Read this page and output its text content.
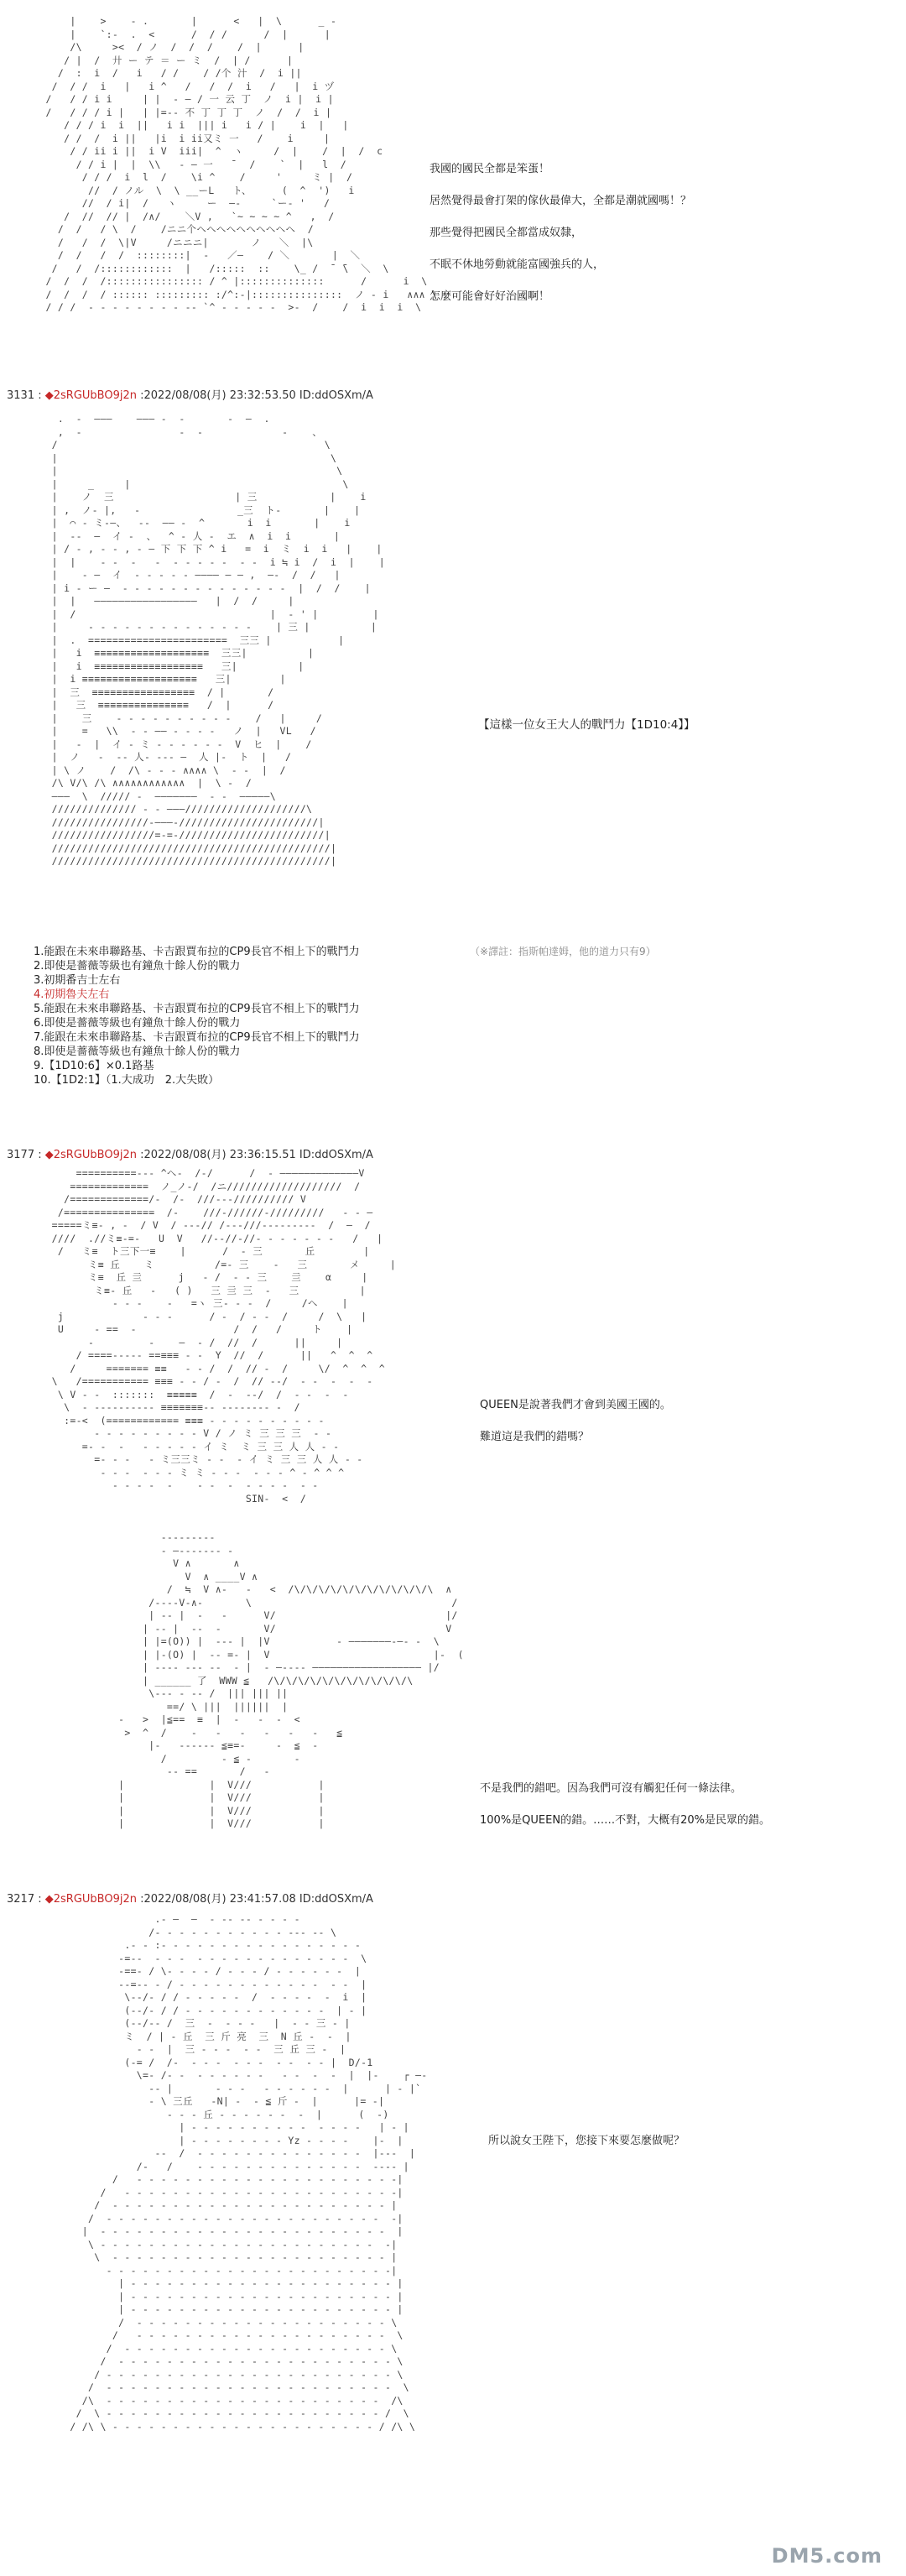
|    >    ‐ .       |      <   |  \      _ ‐
|    `:‐  .  <      /  / /      /  |      |
/\     ><  / ノ  /  /  /    /  |      |
/ |  /  廾 ー テ ＝ ー ミ  /  | /      |
/  :  i  /   i   / /    / /个 汁  /  i ||
/  / /  i   |   i ^   /   /  /  i   /   |  i ヅ
/   / / i i     | |  ‐ ― / 一 云 丁  ノ  i |  i |
/   / / / i |   | |=‐‐ 不 丁 丁 丁  ノ  /  /  i |
/ / / i  i  ||   i i  ||| i   i / |    i  |   |
/ /  /  i ||   |i  i ii又ミ 一   /    i     |
/ / ii i ||  i V  iii|  ^  ヽ     /  |    /  |  /  c
/ / i |  |  \\   ‐ ― 一   ̄   /    `  |   l  /
/ / /  i  l  /    \i ^    /     '     ミ |  /
//  / ノル  \  \ __ーL   ト、     (  ^  ')   i
//  / i|  /   ヽ     ー  ―‐     `ー‐ '   /
/  //  // |  /∧/    ＼V ,   `~ ~ ~ ~ ^   ,  /
/  /   / \  /    /ニニ个へへへへへへへへへへ  /
/   /  /  \|V     /ニニニ|       ノ   ＼  |\
/  /   /  /  ::::::::|  ‐   ／―    / ＼       |  ＼
/   /  /::::::::::::  |   /:::::  ::    \_ /  ̄  ̄\  ＼  \
/  /  /  /:::::::::::::::: / ^ |::::::::::::::      /      i  \
/  /  /  / :::::: ::::::::: :/^:‐|:::::::::::::::  ノ ‐ i   ∧∧∧ \
/ / /  ‐ ‐ ‐ ‐ ‐ ‐ ‐ ‐ ‐‐ `^ ‐ ‐ ‐ ‐ ‐  >‐  /    /  i  i  i  \
我國的國民全都是笨蛋！
居然覺得最會打架的傢伙最偉大，全都是潮就國嗎！？
那些覺得把國民全都當成奴隸，
不眠不休地勞動就能富國強兵的人，
怎麼可能會好好治國啊！
3131 : ◆2sRGUbBO9j2n :2022/08/08(月) 23:32:53.50 ID:ddOSXm/A
.  ‐  ―――    ――― ‐  ‐       ‐  ―  .
,  ‐                ‐  ‐             ‐    、
/                                            \
|                                             \
|                                              \
|     _     |                                   \
|    ノ  三                    | 三            |    i
| ,  ノ‐ |,   ‐                _三  ト‐       |    |
|  ⌒ ‐ ミ-―、  ‐‐  ―― ‐  ^       i  i       |    i
|  ‐‐  ―  イ ‐  、  ^ ‐ 人 ‐  エ  ∧  i  i       |
| / ‐ , ‐ ‐ , ‐ ― 下 下 下 ^ i   =  i  ミ  i  i   |    |
|  |    ‐ ‐  ‐   ‐  ‐ ‐ ‐ ‐ ‐  ‐ ‐  i ≒ i  /  i  |    |
|    ‐ ―  イ  ‐ ‐ ‐ ‐ ‐ ―――― ― ― ,  ―‐  /  /   |
| i ‐ ー ―  ‐ ‐ ‐ ‐ ‐ ‐ ‐ ‐ ‐ ‐ ‐ ‐ ‐ ‐  |  /  /    |
|  |   ―――――――――――――――――   |  /  /     |
|  /                                |  ‐ ' |         |
|     ‐ ‐ ‐ ‐ ‐ ‐ ‐ ‐ ‐ ‐ ‐ ‐ ‐ ‐    | 三 |          |
|  .  =======================  三三 |           |
|   i  ≡≡≡≡≡≡≡≡≡≡≡≡≡≡≡≡≡≡≡  三三|          |
|   i  ≡≡≡≡≡≡≡≡≡≡≡≡≡≡≡≡≡≡   三|          |
|  i ≡≡≡≡≡≡≡≡≡≡≡≡≡≡≡≡≡≡≡   三|        |
|  三  ≡≡≡≡≡≡≡≡≡≡≡≡≡≡≡≡≡  / |       /
|   三  ≡≡≡≡≡≡≡≡≡≡≡≡≡≡≡   /  |      /
|    三    ‐ ‐ ‐ ‐ ‐ ‐ ‐ ‐ ‐ ‐    /   |     /
|    =   \\  ‐ ‐ ―― ‐ ‐ ‐ ‐   ノ  |   VL   /
|   ‐  |  イ ‐ ミ ‐ ‐ ‐ ‐ ‐ ‐  V  ヒ  |    /
|  ノ   ‐  ‐‐ 人‐ ‐‐‐ ―  人 |‐  ト  |   /
| \ ノ    /  /\ ‐ ‐ ‐ ∧∧∧∧ \  ‐ ‐  |  /
/\ V/\ /\ ∧∧∧∧∧∧∧∧∧∧∧∧  |  \ ‐  /
―――  \  ///// ‐  ―――――――  ‐ ‐  ―――――\
////////////// ‐ ‐ ―――////////////////////\
////////////////‐―――‐///////////////////////|
/////////////////=‐=‐////////////////////////|
//////////////////////////////////////////////|
//////////////////////////////////////////////|
【這樣一位女王大人的戰鬥力【1D10:4】】
1.能跟在未來串聯路基、卡吉跟賈布拉的CP9長官不相上下的戰鬥力
2.即使是薔薇等級也有鐘魚十餘人份的戰力
3.初期番吉士左右
4.初期魯夫左右
5.能跟在未來串聯路基、卡吉跟賈布拉的CP9長官不相上下的戰鬥力
6.即使是薔薇等級也有鐘魚十餘人份的戰力
7.能跟在未來串聯路基、卡吉跟賈布拉的CP9長官不相上下的戰鬥力
8.即使是薔薇等級也有鐘魚十餘人份的戰力
9.【1D10:6】×0.1路基
10.【1D2:1】（1.大成功　2.大失敗）
（※譯註：指斯帕達姆，他的道力只有9）
3177 : ◆2sRGUbBO9j2n :2022/08/08(月) 23:36:15.51 ID:ddOSXm/A
==========‐‐‐ ^へ‐  /‐/      /  ‐ ―――――――――――――V
=============  ノ_ノ‐/  /ニ///////////////////  /
/=============/‐  /‐  ///‐‐‐////////// V
/===============  /‐    ///‐//////‐/////////   ‐ ‐ ―
=====ミ≡‐ , ‐  / V  / ‐‐‐// /‐‐‐///‐‐‐‐‐‐‐‐‐  /  ―  /
////  .//ミ≡‐=‐   U  V   //‐‐//‐//‐ ‐ ‐ ‐ ‐ ‐ ‐   /   |
/   ミ≡  ト三下一≡    |      /  ‐ 三       丘        |
ミ≡ 丘    ミ          /=‐ 三    ‐   三       メ     |
ミ≡  丘 亖      j   ‐ /  ‐ ‐ 三    亖    α     |
ミ≡‐ 丘   ‐   ( )   三 亖 三  ‐   三          |
‐ ‐ ‐    ‐   =ヽ 三‐ ‐ ‐  /     /へ    |
j             ‐ ‐ ‐      / ‐  / ‐ ‐  /     /  \   |
U     ‐ ==  ‐                /  /   /     ト    |
‐         ‐    ―  ‐ /  //  /      ||     |
/ ====‐‐‐‐‐ ==≡≡≡ ‐ ‐  Y  //  /      ||   ^  ^  ^
/     ======= ≡≡   ‐ ‐ /  /  // ‐  /     \/  ^  ^  ^
\   /=========== ≡≡≡ ‐ ‐ / ‐  /  // ‐‐/  ‐ ‐  ‐  ‐  ‐
\ V ‐ ‐  :::::::  ≡≡≡≡≡  /  ‐  ‐‐/  /  ‐ ‐  ‐  ‐
\  ‐ ‐‐‐‐‐‐‐‐‐‐ ≡≡≡≡≡≡≡‐‐ ‐‐‐‐‐‐‐‐ ‐  /
:=‐<  (============ ≡≡≡ ‐ ‐ ‐ ‐ ‐ ‐ ‐ ‐ ‐ ‐
‐ ‐ ‐ ‐ ‐ ‐ ‐ ‐ ‐ V / ノ ミ 三 三 三  ‐ ‐
=‐ ‐  ‐   ‐ ‐ ‐ ‐ ‐ イ ミ  ミ 三 三 人 人 ‐ ‐
=‐ ‐ ‐   ‐ ミ三三ミ ‐ ‐  ‐ イ ミ 三 三 人 人 ‐ ‐
‐ ‐ ‐  ‐ ‐ ‐ ミ ミ ‐ ‐ ‐  ‐ ‐ ‐ ^ ‐ ^ ^ ^
‐ ‐ ‐ ‐  ‐    ‐ ‐  ‐  ‐ ‐ ‐ ‐  ‐ ‐
SIN‐  <  /

‐‐‐‐‐‐‐‐‐
‐ ―‐‐‐‐‐‐‐ ‐
V ∧       ∧
V  ∧ ____V ∧
/  ≒  V ∧‐   ‐   <  /\/\/\/\/\/\/\/\/\/\/\/\  ∧
/‐‐‐‐V‐∧‐       \                                 /
| ‐‐ |  ‐   ‐      V/                            |/
| ‐‐ |  ‐‐  ‐       V/                            V
| |=(O)) |  ‐‐‐ |  |V           ‐ ―――――――‐―‐ ‐  \
| |‐(O) |  ‐‐ =‐ |  V                           |‐  (
| ‐‐‐‐ ‐‐‐ ‐‐  ‐ |  ‐ ―‐‐‐‐ ―――――――――――――――――― |/
| ______ 了  WWW ≦   /\/\/\/\/\/\/\/\/\/\/\/\
\‐‐‐ ‐ ‐‐ /  ||| ||| ||
==/ \ |||  ||||||  |
‐   >  |≦==  ≡  |  ‐   ‐  ‐  <
>  ^  /    ‐   ‐   ‐   ‐   ‐   ‐   ≦
|‐   ‐‐‐‐‐‐ ≦≡=‐     ‐  ≦  ‐
/         ‐ ≦ ‐       ‐
‐‐ ==       /   ‐
|              |  V///           |
|              |  V///           |
|              |  V///           |
|              |  V///           |
QUEEN是說著我們才會到美國王國的。
難道這是我們的錯嗎？
不是我們的錯吧。因為我們可沒有觸犯任何一條法律。
100%是QUEEN的錯。……不對，大概有20%是民眾的錯。
3217 : ◆2sRGUbBO9j2n :2022/08/08(月) 23:41:57.08 ID:ddOSXm/A
.‐ ―  ―  ‐ ‐‐ ‐‐ ‐ ‐ ‐ ‐
/‐ ‐ ‐ ‐ ‐ ‐ ‐ ‐ ‐ ‐ ‐ ‐‐‐ ‐‐ \
.‐ ‐ :‐ ‐ ‐ ‐ ‐ ‐ ‐ ‐ ‐ ‐ ‐ ‐ ‐ ‐ ‐ ‐ ‐
‐=‐‐  ‐ ‐ ‐  ‐ ‐ ‐ ‐ ‐ ‐ ‐ ‐ ‐ ‐ ‐ ‐ ‐  \
‐==‐ / \‐ ‐ ‐ ‐ / ‐ ‐ ‐ / ‐ ‐ ‐ ‐ ‐ ‐  |
‐‐=‐‐ ‐ / ‐ ‐ ‐ ‐ ‐ ‐ ‐ ‐ ‐ ‐ ‐ ‐  ‐ ‐  |
\‐‐/‐ / / ‐ ‐ ‐ ‐ ‐  /  ‐ ‐ ‐ ‐  ‐  i  |
(‐‐/‐ / / ‐ ‐ ‐ ‐ ‐ ‐ ‐ ‐ ‐ ‐ ‐ ‐  | ‐ |
(‐‐/‐‐ /  三  ‐  ‐ ‐ ‐   |  ‐ ‐ 三 ‐ |
ミ  / | ‐ 丘  三 斤 亮  三  N 丘 ‐  ‐  |
‐ ‐  |  三 ‐ ‐ ‐  ‐ ‐  三 丘 三 ‐  |
(‐= /  /‐  ‐ ‐ ‐  ‐ ‐ ‐  ‐ ‐  ‐ ‐ |  D/‐1
\=‐ /‐ ‐  ‐ ‐ ‐ ‐ ‐ ‐   ‐ ‐  ‐  ‐  |  |‐    ┌ ―‐
‐‐ |       ‐ ‐ ‐   ‐ ‐ ‐ ‐ ‐ ‐  |      | ‐ |`
‐ \ 三丘   ‐N| ‐  ‐ ≦ 斤 ‐  |      |= ‐|
‐ ‐ ‐ 丘 ‐ ‐ ‐ ‐ ‐ ‐  ‐  |      (  ‐)
| ‐ ‐ ‐ ‐ ‐ ‐ ‐ ‐ ‐ ‐  ‐ ‐ ‐ ‐   | ‐ |
| ‐ ‐ ‐ ‐ ‐ ‐ ‐ ‐ Yz ‐ ‐ ‐ ‐    |‐  |
‐‐  /  ‐ ‐ ‐ ‐ ‐ ‐ ‐ ‐ ‐ ‐ ‐ ‐ ‐ ‐  |‐‐‐  |
/‐   /    ‐ ‐ ‐ ‐ ‐ ‐ ‐ ‐ ‐ ‐ ‐ ‐ ‐ ‐  ‐‐‐‐ |
/   ‐ ‐ ‐ ‐ ‐ ‐ ‐ ‐ ‐ ‐ ‐ ‐ ‐ ‐ ‐ ‐ ‐ ‐ ‐ ‐ ‐ ‐|
/   ‐ ‐ ‐ ‐ ‐ ‐ ‐ ‐ ‐ ‐ ‐ ‐ ‐ ‐ ‐ ‐ ‐ ‐ ‐ ‐ ‐ ‐ ‐|
/  ‐ ‐ ‐ ‐ ‐ ‐ ‐ ‐ ‐ ‐ ‐ ‐ ‐ ‐ ‐ ‐ ‐ ‐ ‐ ‐ ‐ ‐ ‐ |
/  ‐ ‐ ‐ ‐ ‐ ‐ ‐ ‐ ‐ ‐ ‐ ‐ ‐ ‐ ‐ ‐ ‐ ‐ ‐ ‐ ‐ ‐ ‐  ‐|
|  ‐ ‐ ‐ ‐ ‐ ‐ ‐ ‐ ‐ ‐ ‐ ‐ ‐ ‐ ‐ ‐ ‐ ‐ ‐ ‐ ‐ ‐ ‐ ‐  |
\ ‐ ‐ ‐ ‐ ‐ ‐ ‐ ‐ ‐ ‐ ‐ ‐ ‐ ‐ ‐ ‐ ‐ ‐ ‐ ‐ ‐ ‐ ‐  ‐|
\  ‐ ‐ ‐ ‐ ‐ ‐ ‐ ‐ ‐ ‐ ‐ ‐ ‐ ‐ ‐ ‐ ‐ ‐ ‐ ‐ ‐ ‐ ‐ |
‐ ‐ ‐ ‐ ‐ ‐ ‐ ‐ ‐ ‐ ‐ ‐ ‐ ‐ ‐ ‐ ‐ ‐ ‐ ‐ ‐ ‐ ‐ ‐|
| ‐ ‐ ‐ ‐ ‐ ‐ ‐ ‐ ‐ ‐ ‐ ‐ ‐ ‐ ‐ ‐ ‐ ‐ ‐ ‐ ‐ ‐ |
| ‐ ‐ ‐ ‐ ‐ ‐ ‐ ‐ ‐ ‐ ‐ ‐ ‐ ‐ ‐ ‐ ‐ ‐ ‐ ‐ ‐ ‐ |
| ‐ ‐ ‐ ‐ ‐ ‐ ‐ ‐ ‐ ‐ ‐ ‐ ‐ ‐ ‐ ‐ ‐ ‐ ‐ ‐ ‐ ‐ |
/  ‐ ‐ ‐ ‐ ‐ ‐ ‐ ‐ ‐ ‐ ‐ ‐ ‐ ‐ ‐ ‐ ‐ ‐ ‐ ‐ ‐ \
/   ‐ ‐ ‐ ‐ ‐ ‐ ‐ ‐ ‐ ‐ ‐ ‐ ‐ ‐ ‐ ‐ ‐ ‐ ‐ ‐ ‐  \
/  ‐ ‐ ‐ ‐ ‐ ‐ ‐ ‐ ‐ ‐ ‐ ‐ ‐ ‐ ‐ ‐ ‐ ‐ ‐ ‐ ‐ ‐ \
/  ‐ ‐ ‐ ‐ ‐ ‐ ‐ ‐ ‐ ‐ ‐ ‐ ‐ ‐ ‐ ‐ ‐ ‐ ‐ ‐ ‐ ‐ ‐ \
/ ‐ ‐ ‐ ‐ ‐ ‐ ‐ ‐ ‐ ‐ ‐ ‐ ‐ ‐ ‐ ‐ ‐ ‐ ‐ ‐ ‐ ‐ ‐ ‐ \
/  ‐ ‐ ‐ ‐ ‐ ‐ ‐ ‐ ‐ ‐ ‐ ‐ ‐ ‐ ‐ ‐ ‐ ‐ ‐ ‐ ‐ ‐ ‐ ‐  \
/\  ‐ ‐ ‐ ‐ ‐ ‐ ‐ ‐ ‐ ‐ ‐ ‐ ‐ ‐ ‐ ‐ ‐ ‐ ‐ ‐ ‐ ‐ ‐  /\
/  \ ‐ ‐ ‐ ‐ ‐ ‐ ‐ ‐ ‐ ‐ ‐ ‐ ‐ ‐ ‐ ‐ ‐ ‐ ‐ ‐ ‐ ‐ ‐ /  \
/ /\ \ ‐ ‐ ‐ ‐ ‐ ‐ ‐ ‐ ‐ ‐ ‐ ‐ ‐ ‐ ‐ ‐ ‐ ‐ ‐ ‐ ‐ ‐ / /\ \
所以說女王陛下，您接下來要怎麼做呢？
DM5.com
